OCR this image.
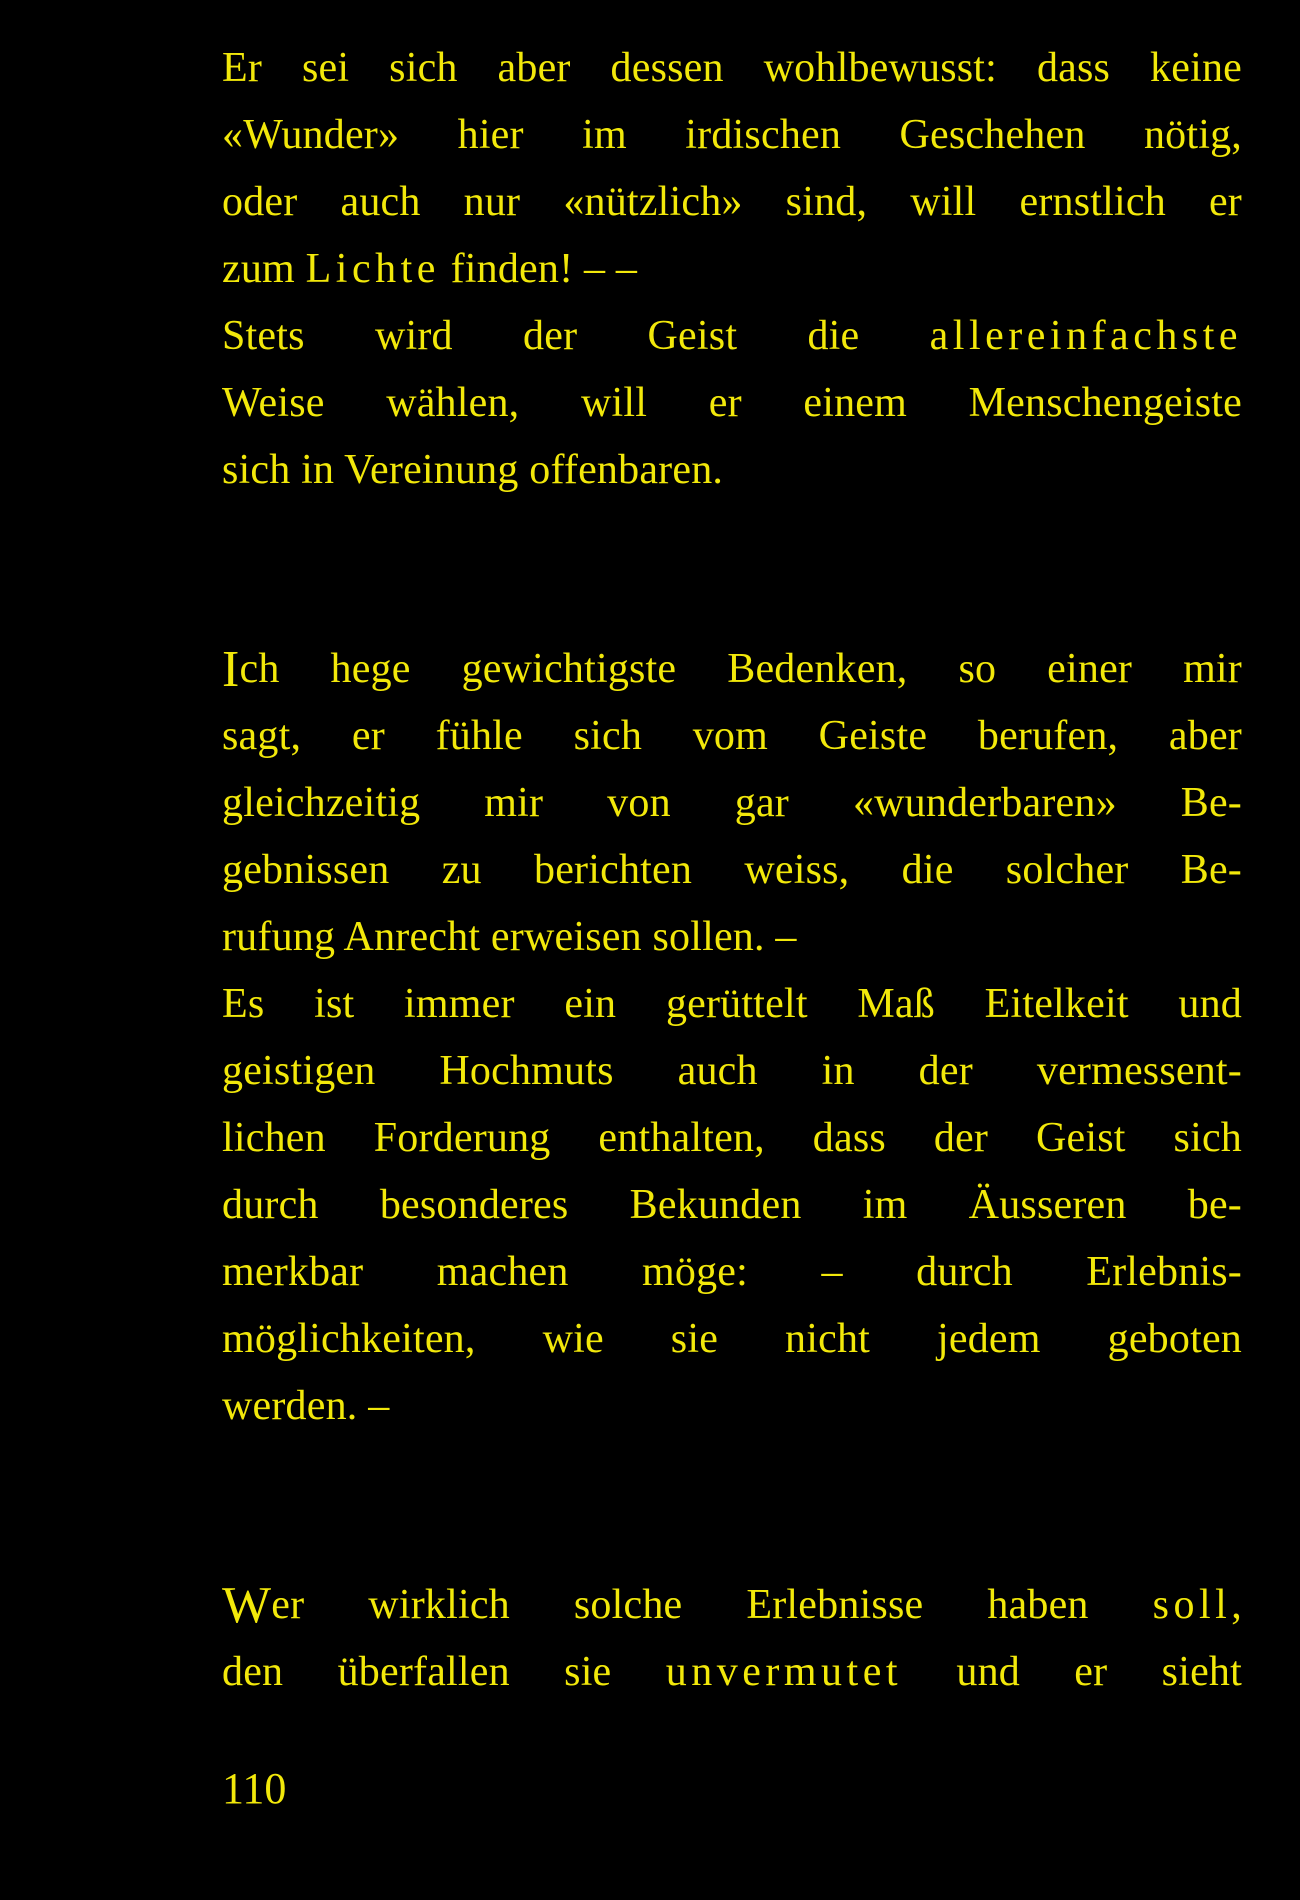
Er sei sich aber dessen wohlbewusst: dass keine
«Wunder» hier im irdischen Geschehen nötig,
oder auch nur «nützlich» sind, will ernstlich er
zum Lichte finden! – –
Stets wird der Geist die allereinfachste
Weise wählen, will er einem Menschengeiste
sich in Vereinung offenbaren.
Ich hege gewichtigste Bedenken, so einer mir
sagt, er fühle sich vom Geiste berufen, aber
gleichzeitig mir von gar «wunderbaren» Be-
gebnissen zu berichten weiss, die solcher Be-
rufung Anrecht erweisen sollen. –
Es ist immer ein gerüttelt Maß Eitelkeit und
geistigen Hochmuts auch in der vermessent-
lichen Forderung enthalten, dass der Geist sich
durch besonderes Bekunden im Äusseren be-
merkbar machen möge: – durch Erlebnis-
möglichkeiten, wie sie nicht jedem geboten
werden. –
Wer wirklich solche Erlebnisse haben soll,
den überfallen sie unvermutet und er sieht
110
